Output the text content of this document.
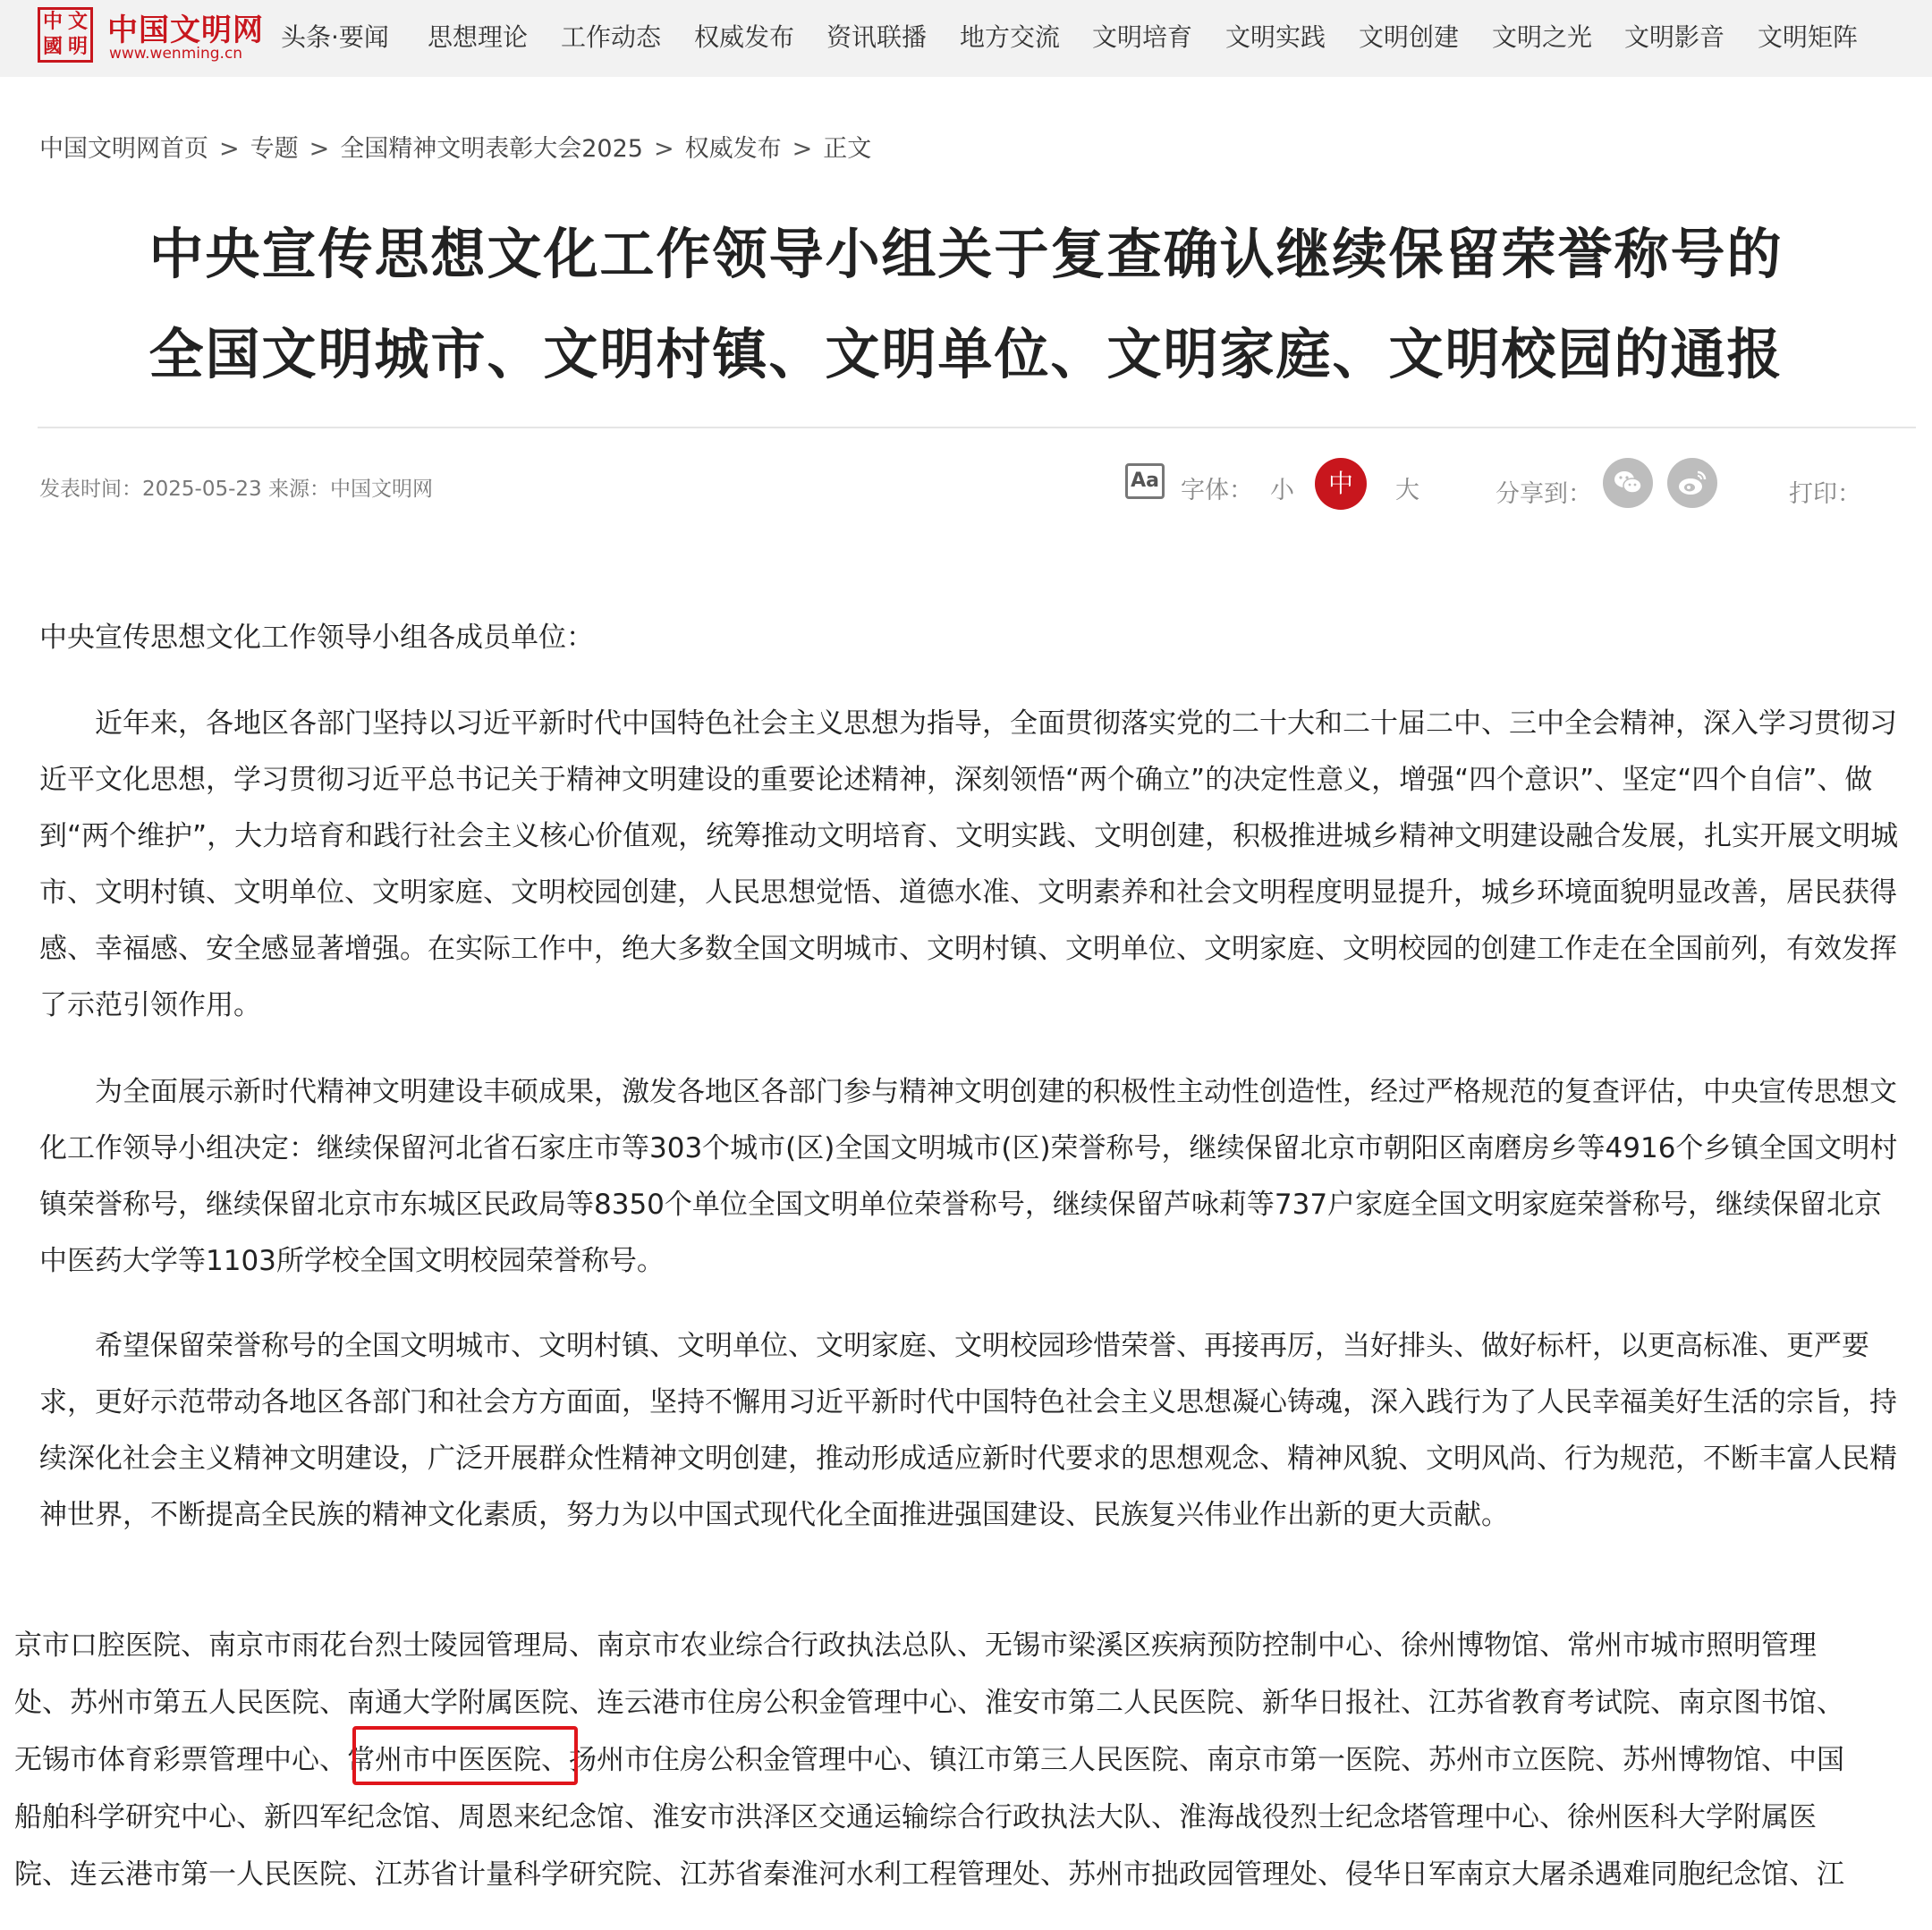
中 文
國 明 中国文明网
www.wenming.cn
头条·要闻 思想理论 工作动态 权威发布 资讯联播 地方交流 文明培育 文明实践 文明创建 文明之光 文明影音 文明矩阵
中国文明网首页 > 专题 > 全国精神文明表彰大会2025 > 权威发布 > 正文
中央宣传思想文化工作领导小组关于复查确认继续保留荣誉称号的
全国文明城市、文明村镇、文明单位、文明家庭、文明校园的通报
发表时间：2025-05-23 来源：中国文明网	Aa 字体： 小	中	大	分享到：	打印：
中央宣传思想文化工作领导小组各成员单位：
近年来，各地区各部门坚持以习近平新时代中国特色社会主义思想为指导，全面贯彻落实党的二十大和二十届二中、三中全会精神，深入学习贯彻习近平文化思想，学习贯彻习近平总书记关于精神文明建设的重要论述精神，深刻领悟“两个确立”的决定性意义，增强“四个意识”、坚定“四个自信”、做到“两个维护”，大力培育和践行社会主义核心价值观，统筹推动文明培育、文明实践、文明创建，积极推进城乡精神文明建设融合发展，扎实开展文明城市、文明村镇、文明单位、文明家庭、文明校园创建，人民思想觉悟、道德水准、文明素养和社会文明程度明显提升，城乡环境面貌明显改善，居民获得感、幸福感、安全感显著增强。在实际工作中，绝大多数全国文明城市、文明村镇、文明单位、文明家庭、文明校园的创建工作走在全国前列，有效发挥了示范引领作用。
为全面展示新时代精神文明建设丰硕成果，激发各地区各部门参与精神文明创建的积极性主动性创造性，经过严格规范的复查评估，中央宣传思想文化工作领导小组决定：继续保留河北省石家庄市等303个城市(区)全国文明城市(区)荣誉称号，继续保留北京市朝阳区南磨房乡等4916个乡镇全国文明村镇荣誉称号，继续保留北京市东城区民政局等8350个单位全国文明单位荣誉称号，继续保留芦咏莉等737户家庭全国文明家庭荣誉称号，继续保留北京中医药大学等1103所学校全国文明校园荣誉称号。
希望保留荣誉称号的全国文明城市、文明村镇、文明单位、文明家庭、文明校园珍惜荣誉、再接再厉，当好排头、做好标杆，以更高标准、更严要求，更好示范带动各地区各部门和社会方方面面，坚持不懈用习近平新时代中国特色社会主义思想凝心铸魂，深入践行为了人民幸福美好生活的宗旨，持续深化社会主义精神文明建设，广泛开展群众性精神文明创建，推动形成适应新时代要求的思想观念、精神风貌、文明风尚、行为规范，不断丰富人民精神世界，不断提高全民族的精神文化素质，努力为以中国式现代化全面推进强国建设、民族复兴伟业作出新的更大贡献。
京市口腔医院、南京市雨花台烈士陵园管理局、南京市农业综合行政执法总队、无锡市梁溪区疾病预防控制中心、徐州博物馆、常州市城市照明管理
处、苏州市第五人民医院、南通大学附属医院、连云港市住房公积金管理中心、淮安市第二人民医院、新华日报社、江苏省教育考试院、南京图书馆、
无锡市体育彩票管理中心、常州市中医医院、扬州市住房公积金管理中心、镇江市第三人民医院、南京市第一医院、苏州市立医院、苏州博物馆、中国
船舶科学研究中心、新四军纪念馆、周恩来纪念馆、淮安市洪泽区交通运输综合行政执法大队、淮海战役烈士纪念塔管理中心、徐州医科大学附属医
院、连云港市第一人民医院、江苏省计量科学研究院、江苏省秦淮河水利工程管理处、苏州市拙政园管理处、侵华日军南京大屠杀遇难同胞纪念馆、江
